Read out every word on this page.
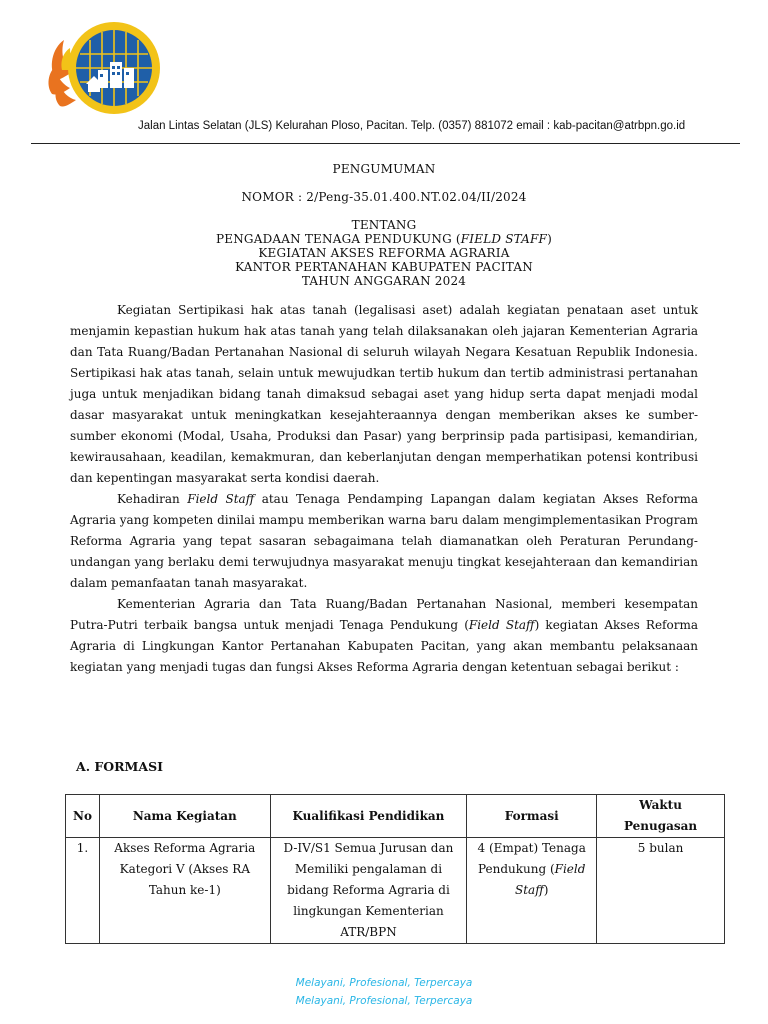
Jalan Lintas Selatan (JLS) Kelurahan Ploso, Pacitan. Telp. (0357) 881072 email : kab-pacitan@atrbpn.go.id
PENGUMUMAN
NOMOR : 2/Peng-35.01.400.NT.02.04/II/2024
TENTANG
PENGADAAN TENAGA PENDUKUNG (FIELD STAFF)
KEGIATAN AKSES REFORMA AGRARIA
KANTOR PERTANAHAN KABUPATEN PACITAN
TAHUN ANGGARAN 2024

Kegiatan Sertipikasi hak atas tanah (legalisasi aset) adalah kegiatan penataan aset untuk menjamin kepastian hukum hak atas tanah yang telah dilaksanakan oleh jajaran Kementerian Agraria dan Tata Ruang/Badan Pertanahan Nasional di seluruh wilayah Negara Kesatuan Republik Indonesia. Sertipikasi hak atas tanah, selain untuk mewujudkan tertib hukum dan tertib administrasi pertanahan juga untuk menjadikan bidang tanah dimaksud sebagai aset yang hidup serta dapat menjadi modal dasar masyarakat untuk meningkatkan kesejahteraannya dengan memberikan akses ke sumber-sumber ekonomi (Modal, Usaha, Produksi dan Pasar) yang berprinsip pada partisipasi, kemandirian, kewirausahaan, keadilan, kemakmuran, dan keberlanjutan dengan memperhatikan potensi kontribusi dan kepentingan masyarakat serta kondisi daerah.

Kehadiran Field Staff atau Tenaga Pendamping Lapangan dalam kegiatan Akses Reforma Agraria yang kompeten dinilai mampu memberikan warna baru dalam mengimplementasikan Program Reforma Agraria yang tepat sasaran sebagaimana telah diamanatkan oleh Peraturan Perundang-undangan yang berlaku demi terwujudnya masyarakat menuju tingkat kesejahteraan dan kemandirian dalam pemanfaatan tanah masyarakat.

Kementerian Agraria dan Tata Ruang/Badan Pertanahan Nasional, memberi kesempatan Putra-Putri terbaik bangsa untuk menjadi Tenaga Pendukung (Field Staff) kegiatan Akses Reforma Agraria di Lingkungan Kantor Pertanahan Kabupaten Pacitan, yang akan membantu pelaksanaan kegiatan yang menjadi tugas dan fungsi Akses Reforma Agraria dengan ketentuan sebagai berikut :

A. FORMASI
No	Nama Kegiatan	Kualifikasi Pendidikan	Formasi	Waktu Penugasan
1.	Akses Reforma Agraria Kategori V (Akses RA Tahun ke-1)	D-IV/S1 Semua Jurusan dan Memiliki pengalaman di bidang Reforma Agraria di lingkungan Kementerian ATR/BPN	4 (Empat) Tenaga Pendukung (Field Staff)	5 bulan
Melayani, Profesional, Terpercaya
Melayani, Profesional, Terpercaya
